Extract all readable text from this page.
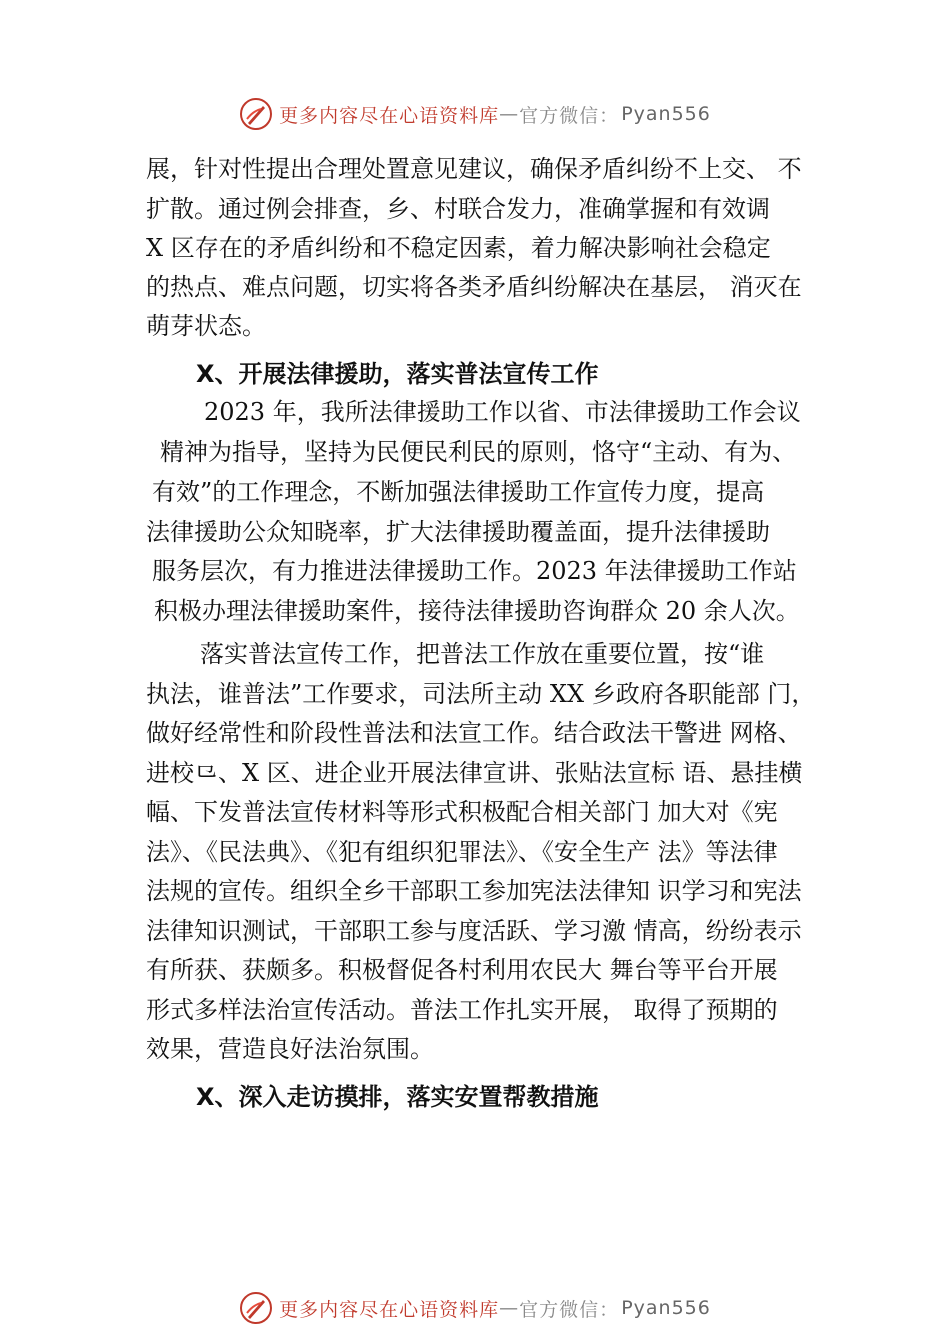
更多内容尽在心语资料库 — 官方微信： Pyan556
展，针对性提出合理处置意见建议，确保矛盾纠纷不上交、 不
扩散。通过例会排查，乡、村联合发力，准确掌握和有效调
X 区存在的矛盾纠纷和不稳定因素，着力解决影响社会稳定
的热点、难点问题，切实将各类矛盾纠纷解决在基层， 消灭在
萌芽状态。
X、开展法律援助，落实普法宣传工作
2023 年，我所法律援助工作以省、市法律援助工作会议
精神为指导，坚持为民便民利民的原则，恪守“主动、有为、
有效”的工作理念，不断加强法律援助工作宣传力度，提高
法律援助公众知晓率，扩大法律援助覆盖面，提升法律援助
服务层次，有力推进法律援助工作。2023 年法律援助工作站
积极办理法律援助案件，接待法律援助咨询群众 20 余人次。
落实普法宣传工作，把普法工作放在重要位置，按“谁
执法，谁普法”工作要求，司法所主动 XX 乡政府各职能部 门，
做好经常性和阶段性普法和法宣工作。结合政法干警进 网格、
进校⺋、X 区、进企业开展法律宣讲、张贴法宣标 语、悬挂横
幅、下发普法宣传材料等形式积极配合相关部门 加大对《宪
法》、《民法典》、《犯有组织犯罪法》、《安全生产 法》等法律
法规的宣传。组织全乡干部职工参加宪法法律知 识学习和宪法
法律知识测试，干部职工参与度活跃、学习激 情高，纷纷表示
有所获、获颇多。积极督促各村利用农民大 舞台等平台开展
形式多样法治宣传活动。普法工作扎实开展， 取得了预期的
效果，营造良好法治氛围。
X、深入走访摸排，落实安置帮教措施
更多内容尽在心语资料库 — 官方微信： Pyan556
